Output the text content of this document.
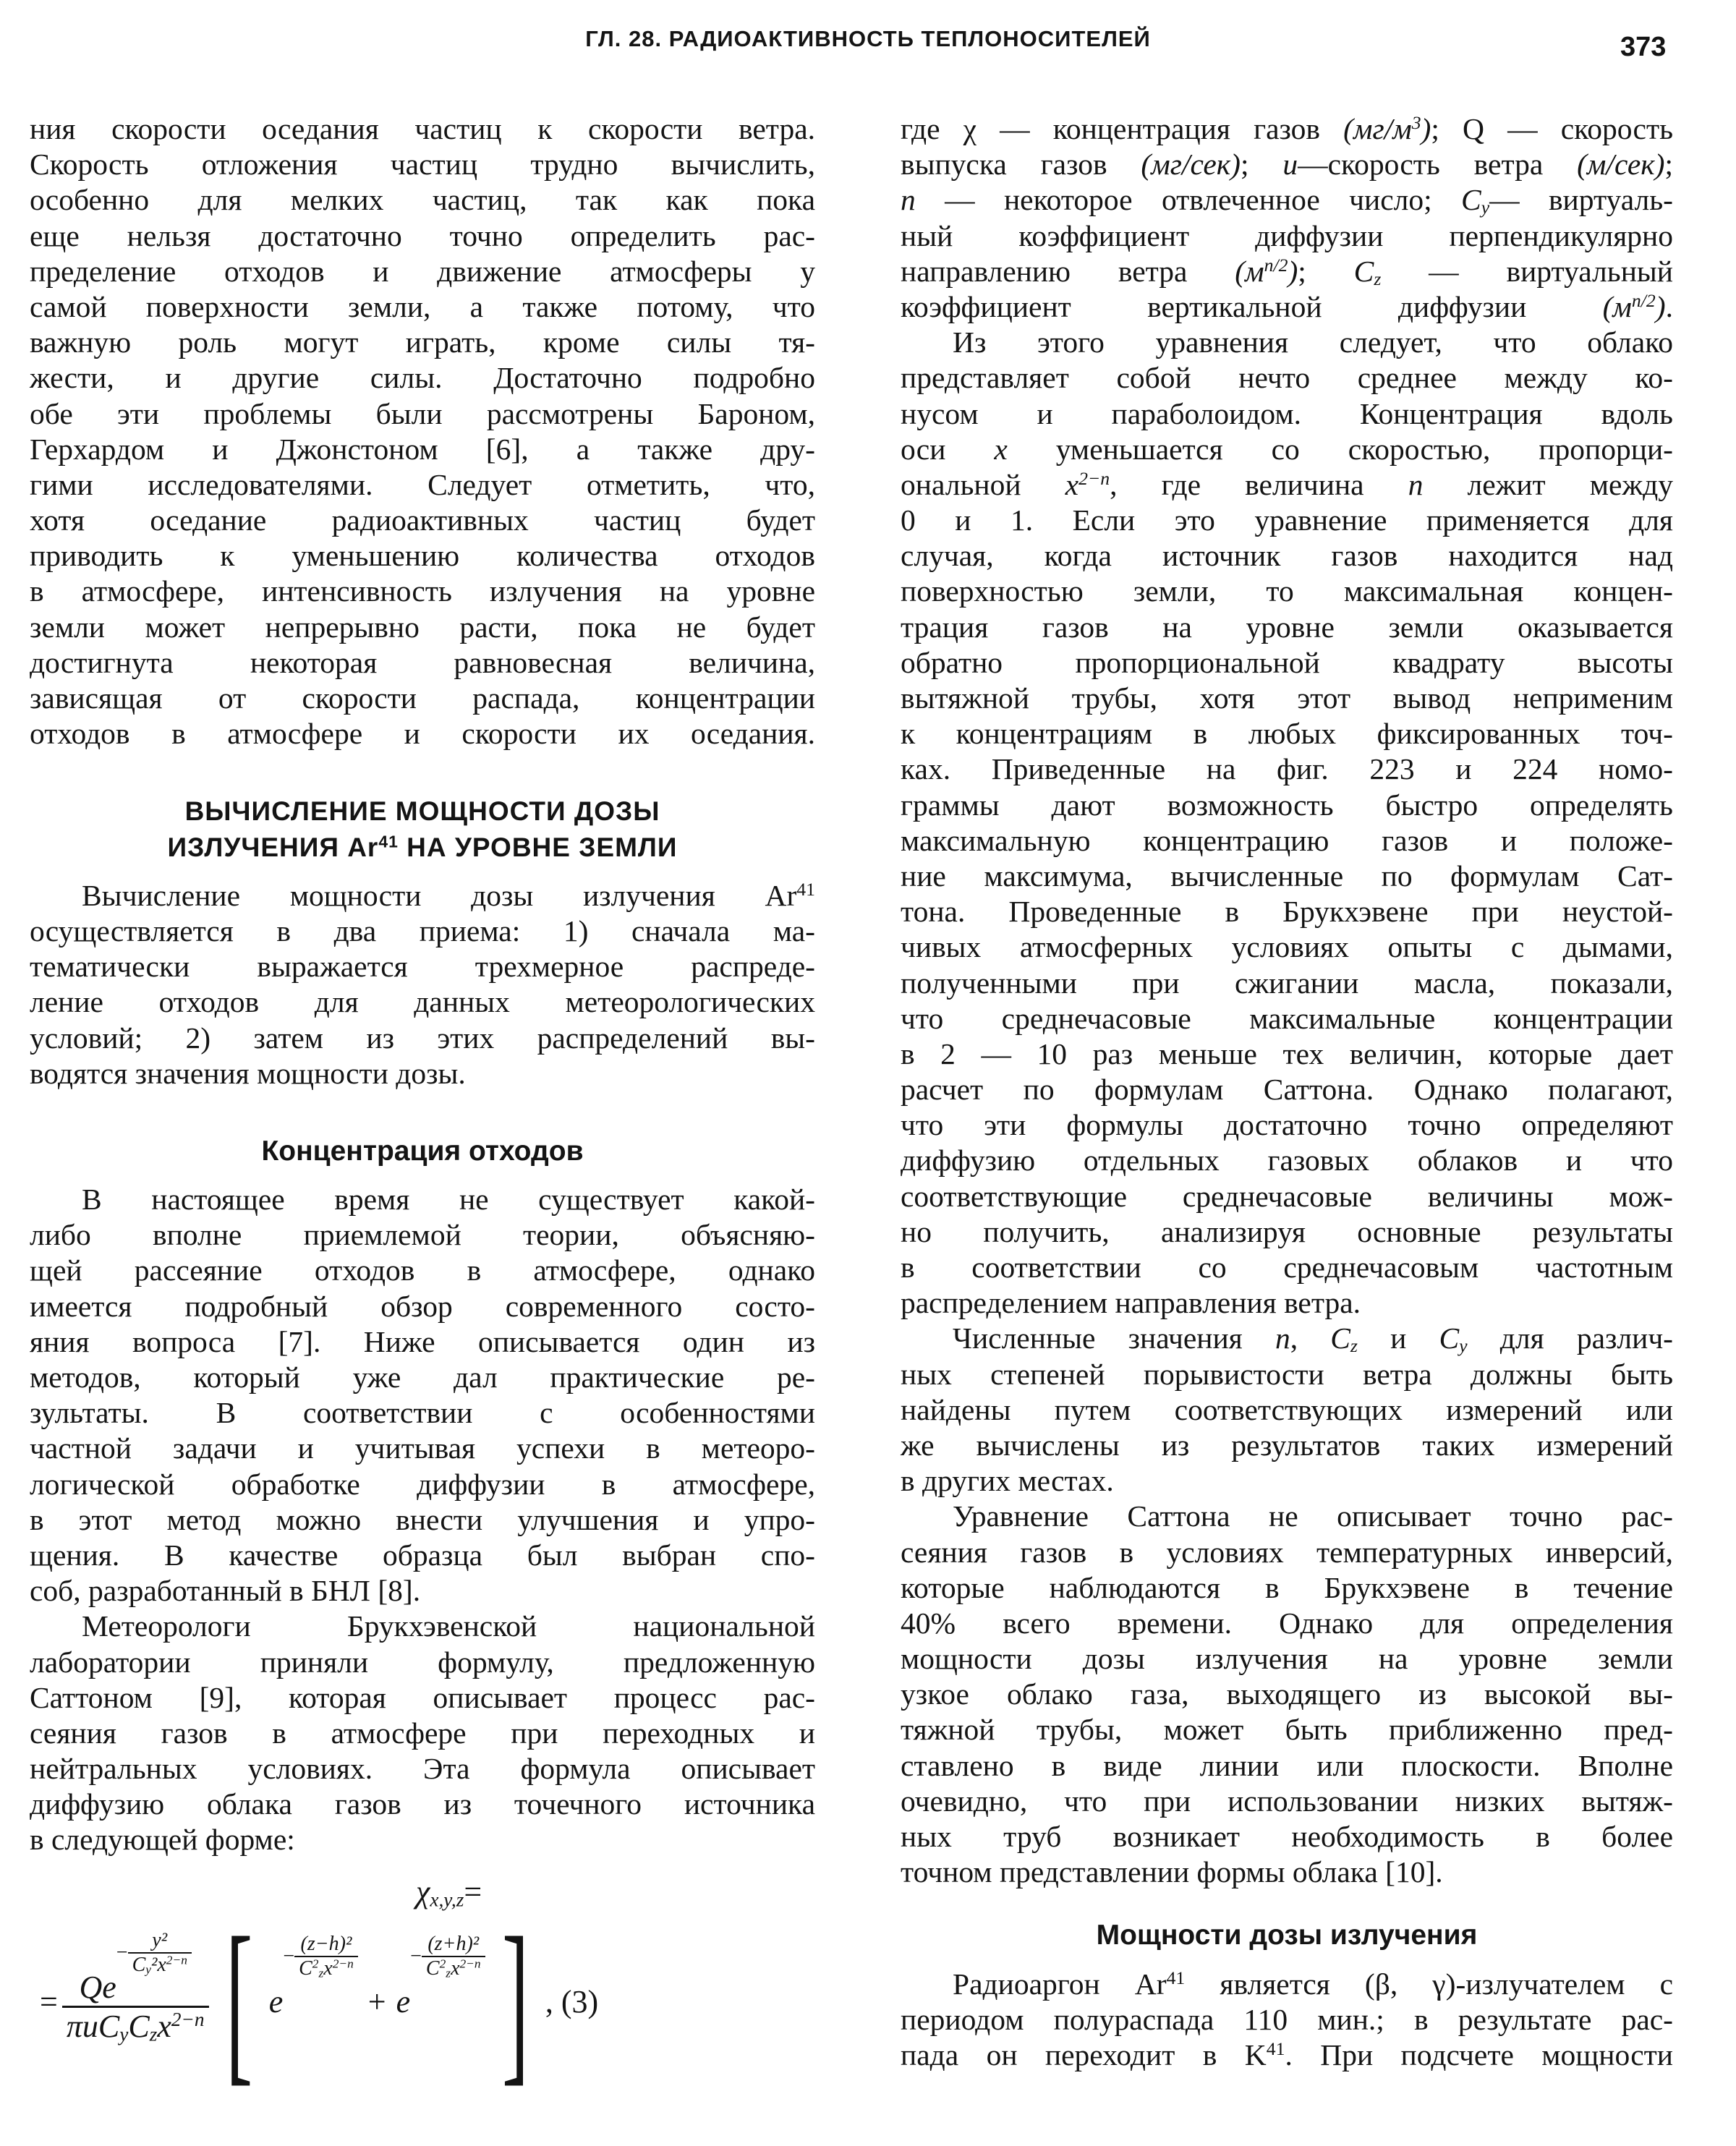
ГЛ. 28. РАДИОАКТИВНОСТЬ ТЕПЛОНОСИТЕЛЕЙ	373
ния скорости оседания частиц к скорости ветра.
Скорость отложения частиц трудно вычислить,
особенно для мелких частиц, так как пока
еще нельзя достаточно точно определить рас-
пределение отходов и движение атмосферы у
самой поверхности земли, а также потому, что
важную роль могут играть, кроме силы тя-
жести, и другие силы. Достаточно подробно
обе эти проблемы были рассмотрены Бароном,
Герхардом и Джонстоном [6], а также дру-
гими исследователями. Следует отметить, что,
хотя оседание радиоактивных частиц будет
приводить к уменьшению количества отходов
в атмосфере, интенсивность излучения на уровне
земли может непрерывно расти, пока не будет
достигнута некоторая равновесная величина,
зависящая от скорости распада, концентрации
отходов в атмосфере и скорости их оседания.
ВЫЧИСЛЕНИЕ МОЩНОСТИ ДОЗЫ
ИЗЛУЧЕНИЯ Ar$^{41}$ НА УРОВНЕ ЗЕМЛИ
Вычисление мощности дозы излучения Ar$^{41}$
осуществляется в два приема: 1) сначала ма-
тематически выражается трехмерное распреде-
ление отходов для данных метеорологических
условий; 2) затем из этих распределений вы-
водятся значения мощности дозы.
Концентрация отходов
В настоящее время не существует какой-
либо вполне приемлемой теории, объясняю-
щей рассеяние отходов в атмосфере, однако
имеется подробный обзор современного состо-
яния вопроса [7]. Ниже описывается один из
методов, который уже дал практические ре-
зультаты. В соответствии с особенностями
частной задачи и учитывая успехи в метеоро-
логической обработке диффузии в атмосфере,
в этот метод можно внести улучшения и упро-
щения. В качестве образца был выбран спо-
соб, разработанный в БНЛ [8].
Метеорологи Брукхэвенской национальной
лаборатории приняли формулу, предложенную
Саттоном [9], которая описывает процесс рас-
сеяния газов в атмосфере при переходных и
нейтральных условиях. Эта формула описывает
диффузию облака газов из точечного источника
в следующей форме:
где χ — концентрация газов $(мг/м^3)$; Q — скорость
выпуска газов (мг/сек); u—скорость ветра (м/сек);
n — некоторое отвлеченное число; $C_y—$ виртуаль-
ный коэффициент диффузии перпендикулярно
направлению ветра $(м^{n/2})$; $C_z$ — виртуальный
коэффициент вертикальной диффузии $(м^{n/2})$.
Из этого уравнения следует, что облако
представляет собой нечто среднее между ко-
нусом и параболоидом. Концентрация вдоль
оси x уменьшается со скоростью, пропорци-
ональной $x^{2-n}$, где величина n лежит между
0 и 1. Если это уравнение применяется для
случая, когда источник газов находится над
поверхностью земли, то максимальная концен-
трация газов на уровне земли оказывается
обратно пропорциональной квадрату высоты
вытяжной трубы, хотя этот вывод неприменим
к концентрациям в любых фиксированных точ-
ках. Приведенные на фиг. 223 и 224 номо-
граммы дают возможность быстро определять
максимальную концентрацию газов и положе-
ние максимума, вычисленные по формулам Сат-
тона. Проведенные в Брукхэвене при неустой-
чивых атмосферных условиях опыты с дымами,
полученными при сжигании масла, показали,
что среднечасовые максимальные концентрации
в 2 — 10 раз меньше тех величин, которые дает
расчет по формулам Саттона. Однако полагают,
что эти формулы достаточно точно определяют
диффузию отдельных газовых облаков и что
соответствующие среднечасовые величины мож-
но получить, анализируя основные результаты
в соответствии со среднечасовым частотным
распределением направления ветра.
Численные значения n, $C_z$ и $C_y$ для различ-
ных степеней порывистости ветра должны быть
найдены путем соответствующих измерений или
же вычислены из результатов таких измерений
в других местах.
Уравнение Саттона не описывает точно рас-
сеяния газов в условиях температурных инверсий,
которые наблюдаются в Брукхэвене в течение
40% всего времени. Однако для определения
мощности дозы излучения на уровне земли
узкое облако газа, выходящего из высокой вы-
тяжной трубы, может быть приближенно пред-
ставлено в виде линии или плоскости. Вполне
очевидно, что при использовании низких вытяж-
ных труб возникает необходимость в более
точном представлении формы облака [10].
Мощности дозы излучения
Радиоаргон Ar$^{41}$ является (β, γ)-излучателем с
периодом полураспада 110 мин.; в результате рас-
пада он переходит в $K^{41}$. При подсчете мощности
$\chi_{x,y,z}=$
= Qe
− $\frac{\text{y²}}{C_y^2x^{2-n}}$
$\pi uC_yC_zx^{2-n}$ [ e
− $\frac{\text{(z−h)²}}{C^2_zx^{2-n}}$
+ e
− $\frac{\text{(z+h)²}}{C^2_zx^{2-n}}$ ] , (3)
